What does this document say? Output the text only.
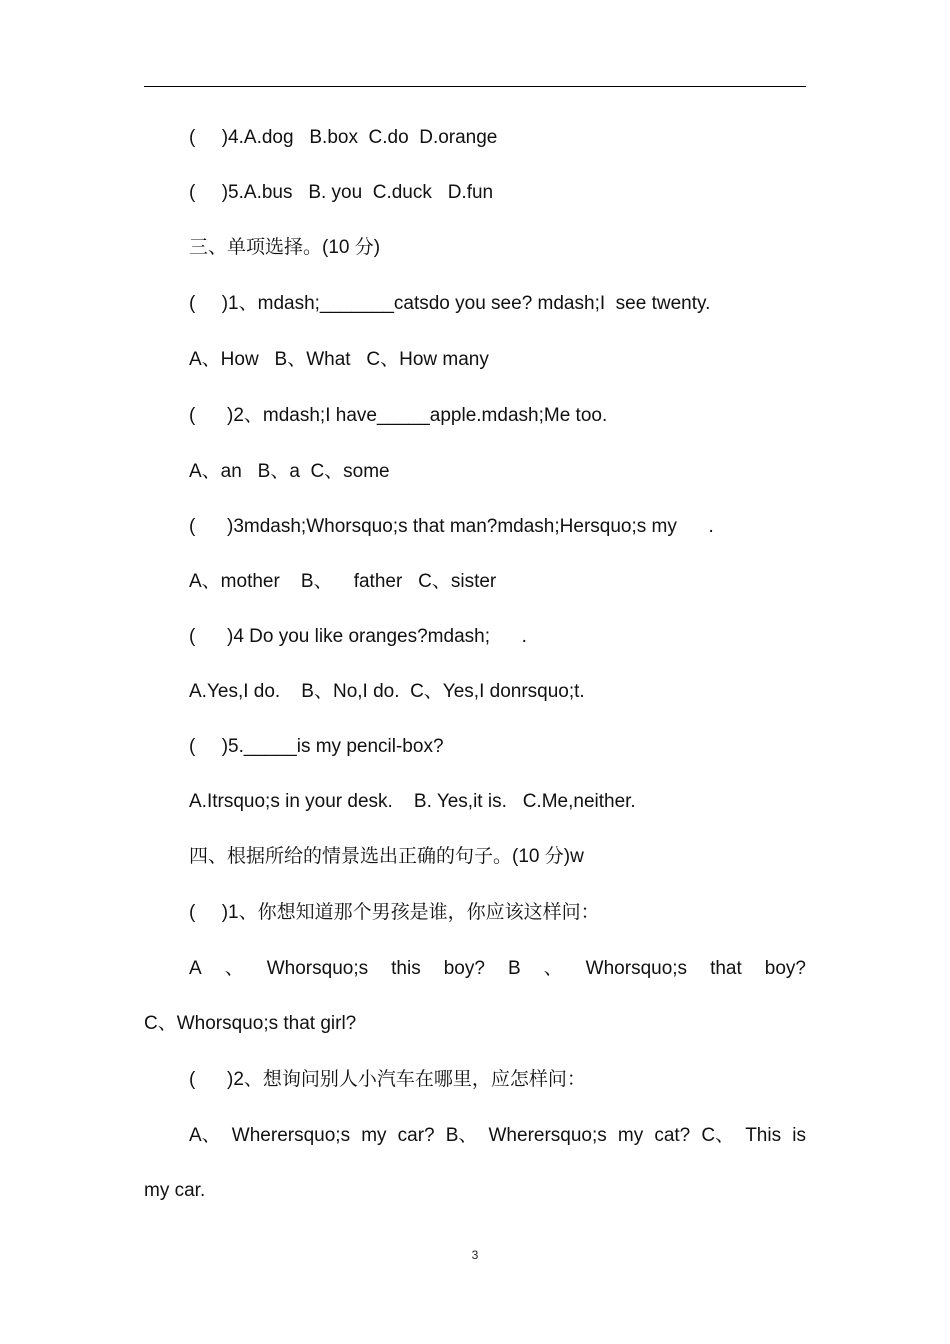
(     )4.A.dog   B.box  C.do  D.orange
(     )5.A.bus   B. you  C.duck   D.fun
三、单项选择。(10 分)
(     )1、mdash;_______catsdo you see? mdash;I  see twenty.
A、How   B、What   C、How many
(      )2、mdash;I have_____apple.mdash;Me too.
A、an   B、a  C、some
(      )3mdash;Whorsquo;s that man?mdash;Hersquo;s my      .
A、mother    B、    father   C、sister
(      )4 Do you like oranges?mdash;      .
A.Yes,I do.    B、No,I do.  C、Yes,I donrsquo;t.
(     )5._____is my pencil-box?
A.Itrsquo;s in your desk.    B. Yes,it is.   C.Me,neither.
四、根据所给的情景选出正确的句子。(10 分)w
(     )1、你想知道那个男孩是谁，你应该这样问：
A 、 Whorsquo;s this boy? B 、 Whorsquo;s that boy?
C、Whorsquo;s that girl?
(      )2、想询问别人小汽车在哪里，应怎样问：
A、 Wherersquo;s my car? B、 Wherersquo;s my cat? C、 This is
my car.
3
